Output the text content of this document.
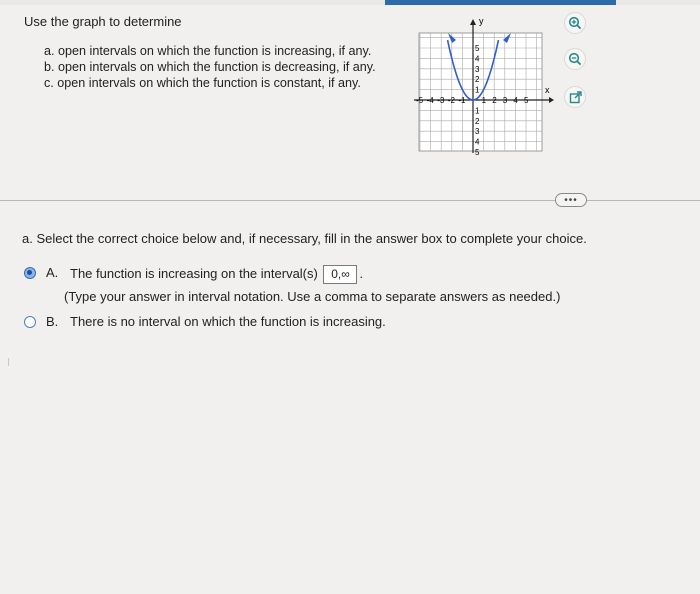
Use the graph to determine
a. open intervals on which the function is increasing, if any.
b. open intervals on which the function is decreasing, if any.
c. open intervals on which the function is constant, if any.
y
x
-5 -4 -3 -2 -1 1 2 3 4 5
5
4
3
2
1
1
2
3
4
5
•••
a. Select the correct choice below and, if necessary, fill in the answer box to complete your choice.
A. The function is increasing on the interval(s) 0,∞ .
(Type your answer in interval notation. Use a comma to separate answers as needed.)
B. There is no interval on which the function is increasing.
